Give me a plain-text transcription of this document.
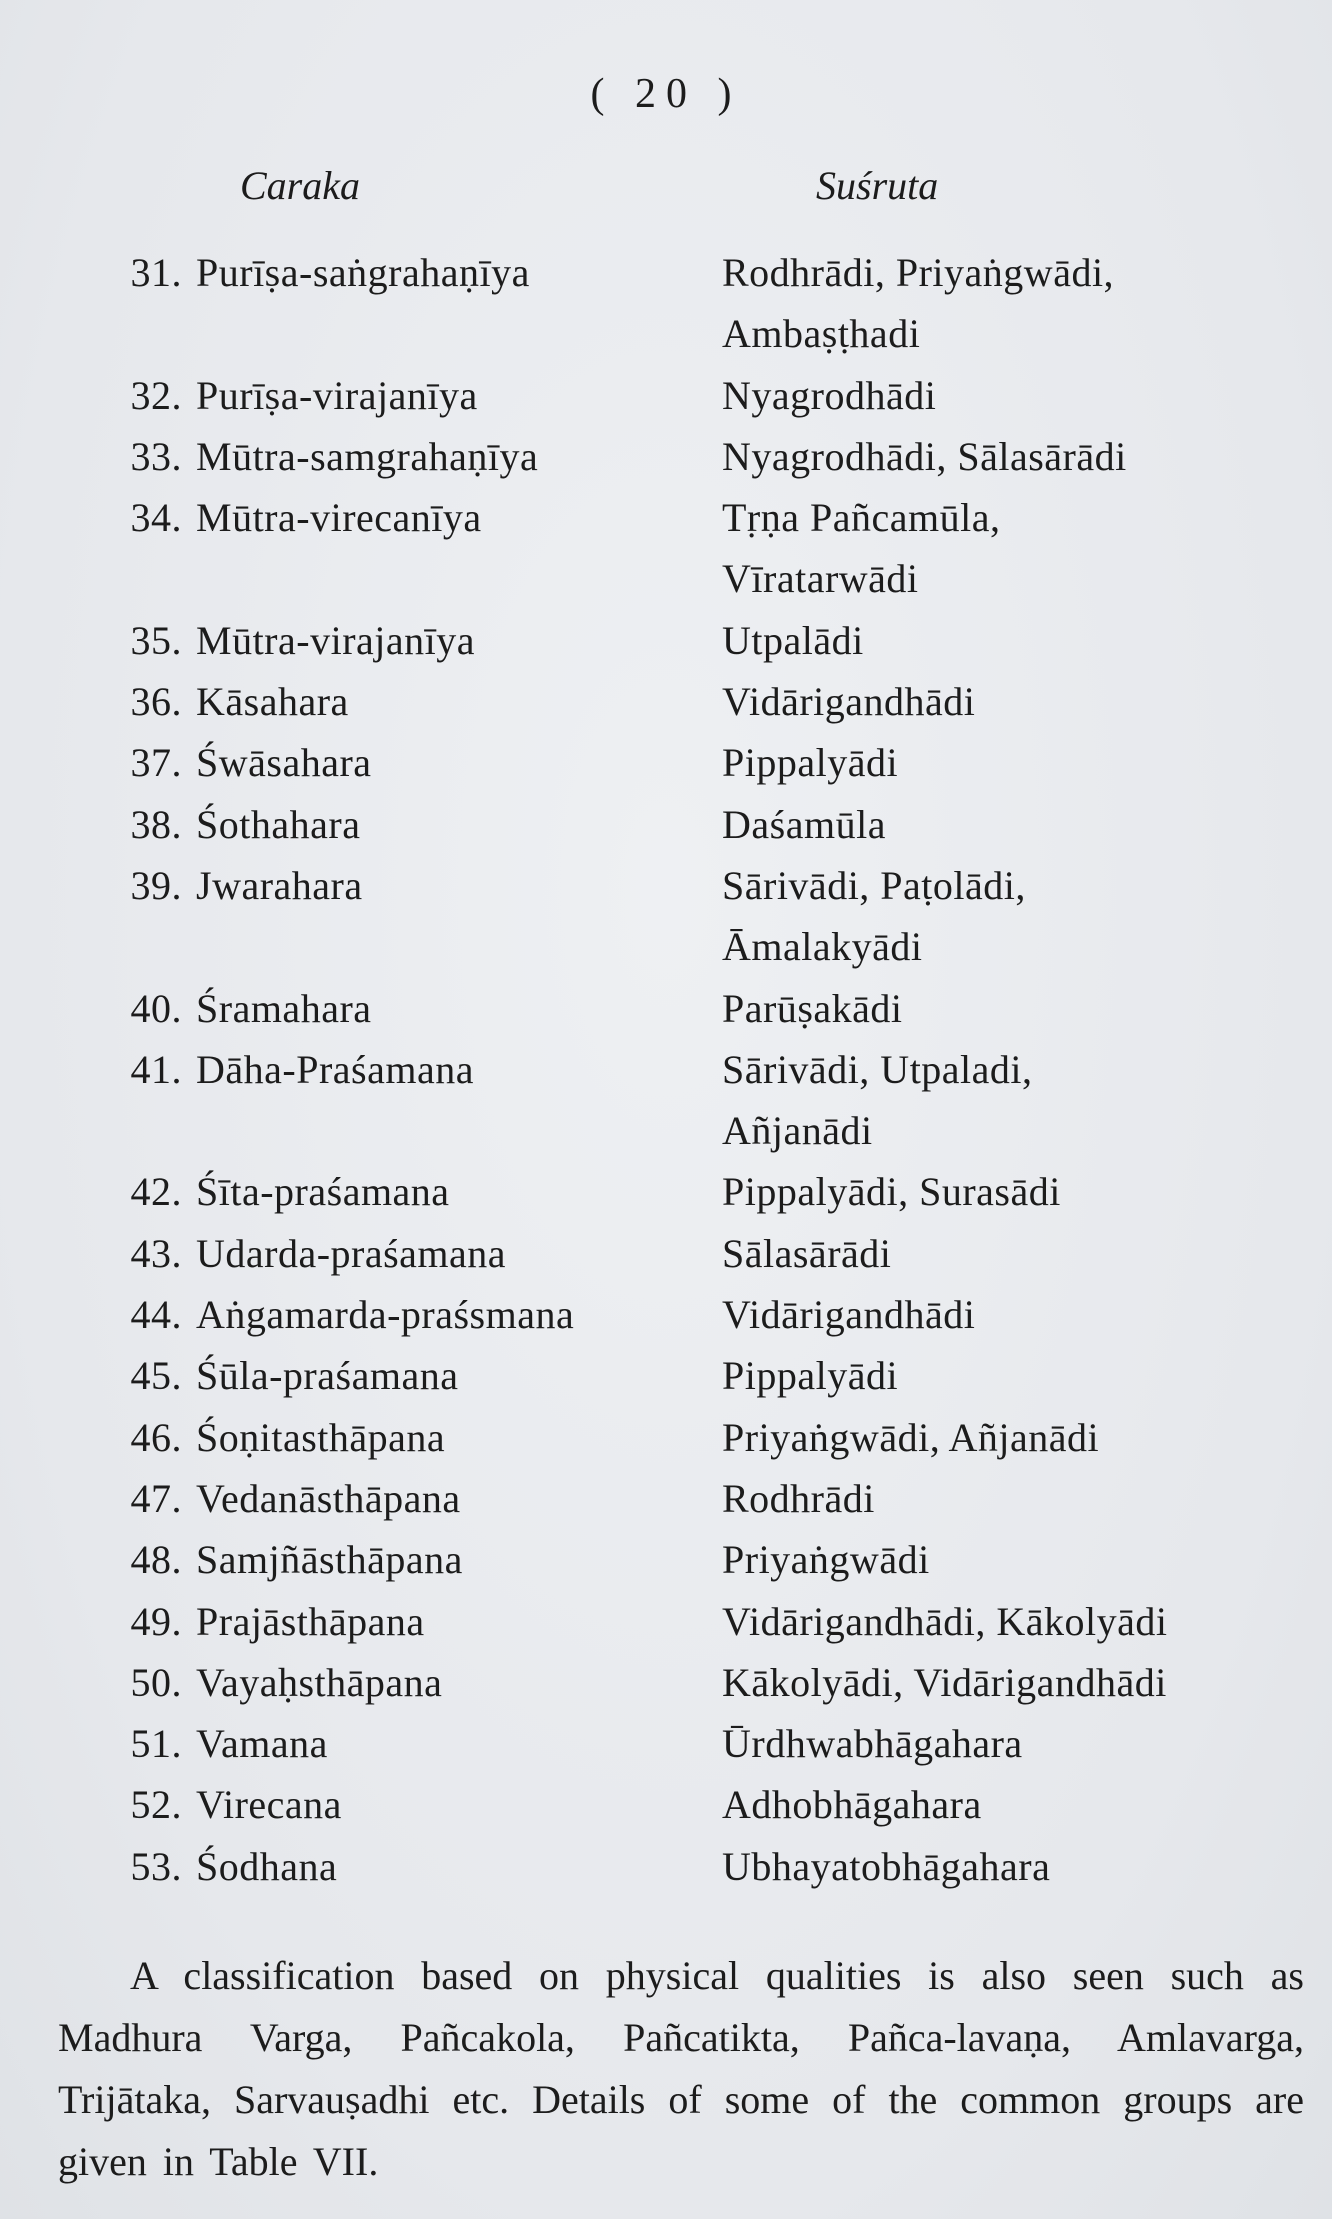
( 20 )
Caraka	Suśruta
31. Purīṣa-saṅgrahaṇīya	Rodhrādi, Priyaṅgwādi,
Ambaṣṭhadi
32. Purīṣa-virajanīya	Nyagrodhādi
33. Mūtra-samgrahaṇīya	Nyagrodhādi, Sālasārādi
34. Mūtra-virecanīya	Tṛṇa Pañcamūla,
Vīratarwādi
35. Mūtra-virajanīya	Utpalādi
36. Kāsahara	Vidārigandhādi
37. Śwāsahara	Pippalyādi
38. Śothahara	Daśamūla
39. Jwarahara	Sārivādi, Paṭolādi,
Āmalakyādi
40. Śramahara	Parūṣakādi
41. Dāha-Praśamana	Sārivādi, Utpaladi,
Añjanādi
42. Śīta-praśamana	Pippalyādi, Surasādi
43. Udarda-praśamana	Sālasārādi
44. Aṅgamarda-praśsmana	Vidārigandhādi
45. Śūla-praśamana	Pippalyādi
46. Śoṇitasthāpana	Priyaṅgwādi, Añjanādi
47. Vedanāsthāpana	Rodhrādi
48. Samjñāsthāpana	Priyaṅgwādi
49. Prajāsthāpana	Vidārigandhādi, Kākolyādi
50. Vayaḥsthāpana	Kākolyādi, Vidārigandhādi
51. Vamana	Ūrdhwabhāgahara
52. Virecana	Adhobhāgahara
53. Śodhana	Ubhayatobhāgahara

A classification based on physical qualities is also seen such as Madhura Varga, Pañcakola, Pañcatikta, Pañca-lavaṇa, Amlavarga, Trijātaka, Sarvauṣadhi etc. Details of some of the common groups are given in Table VII.
